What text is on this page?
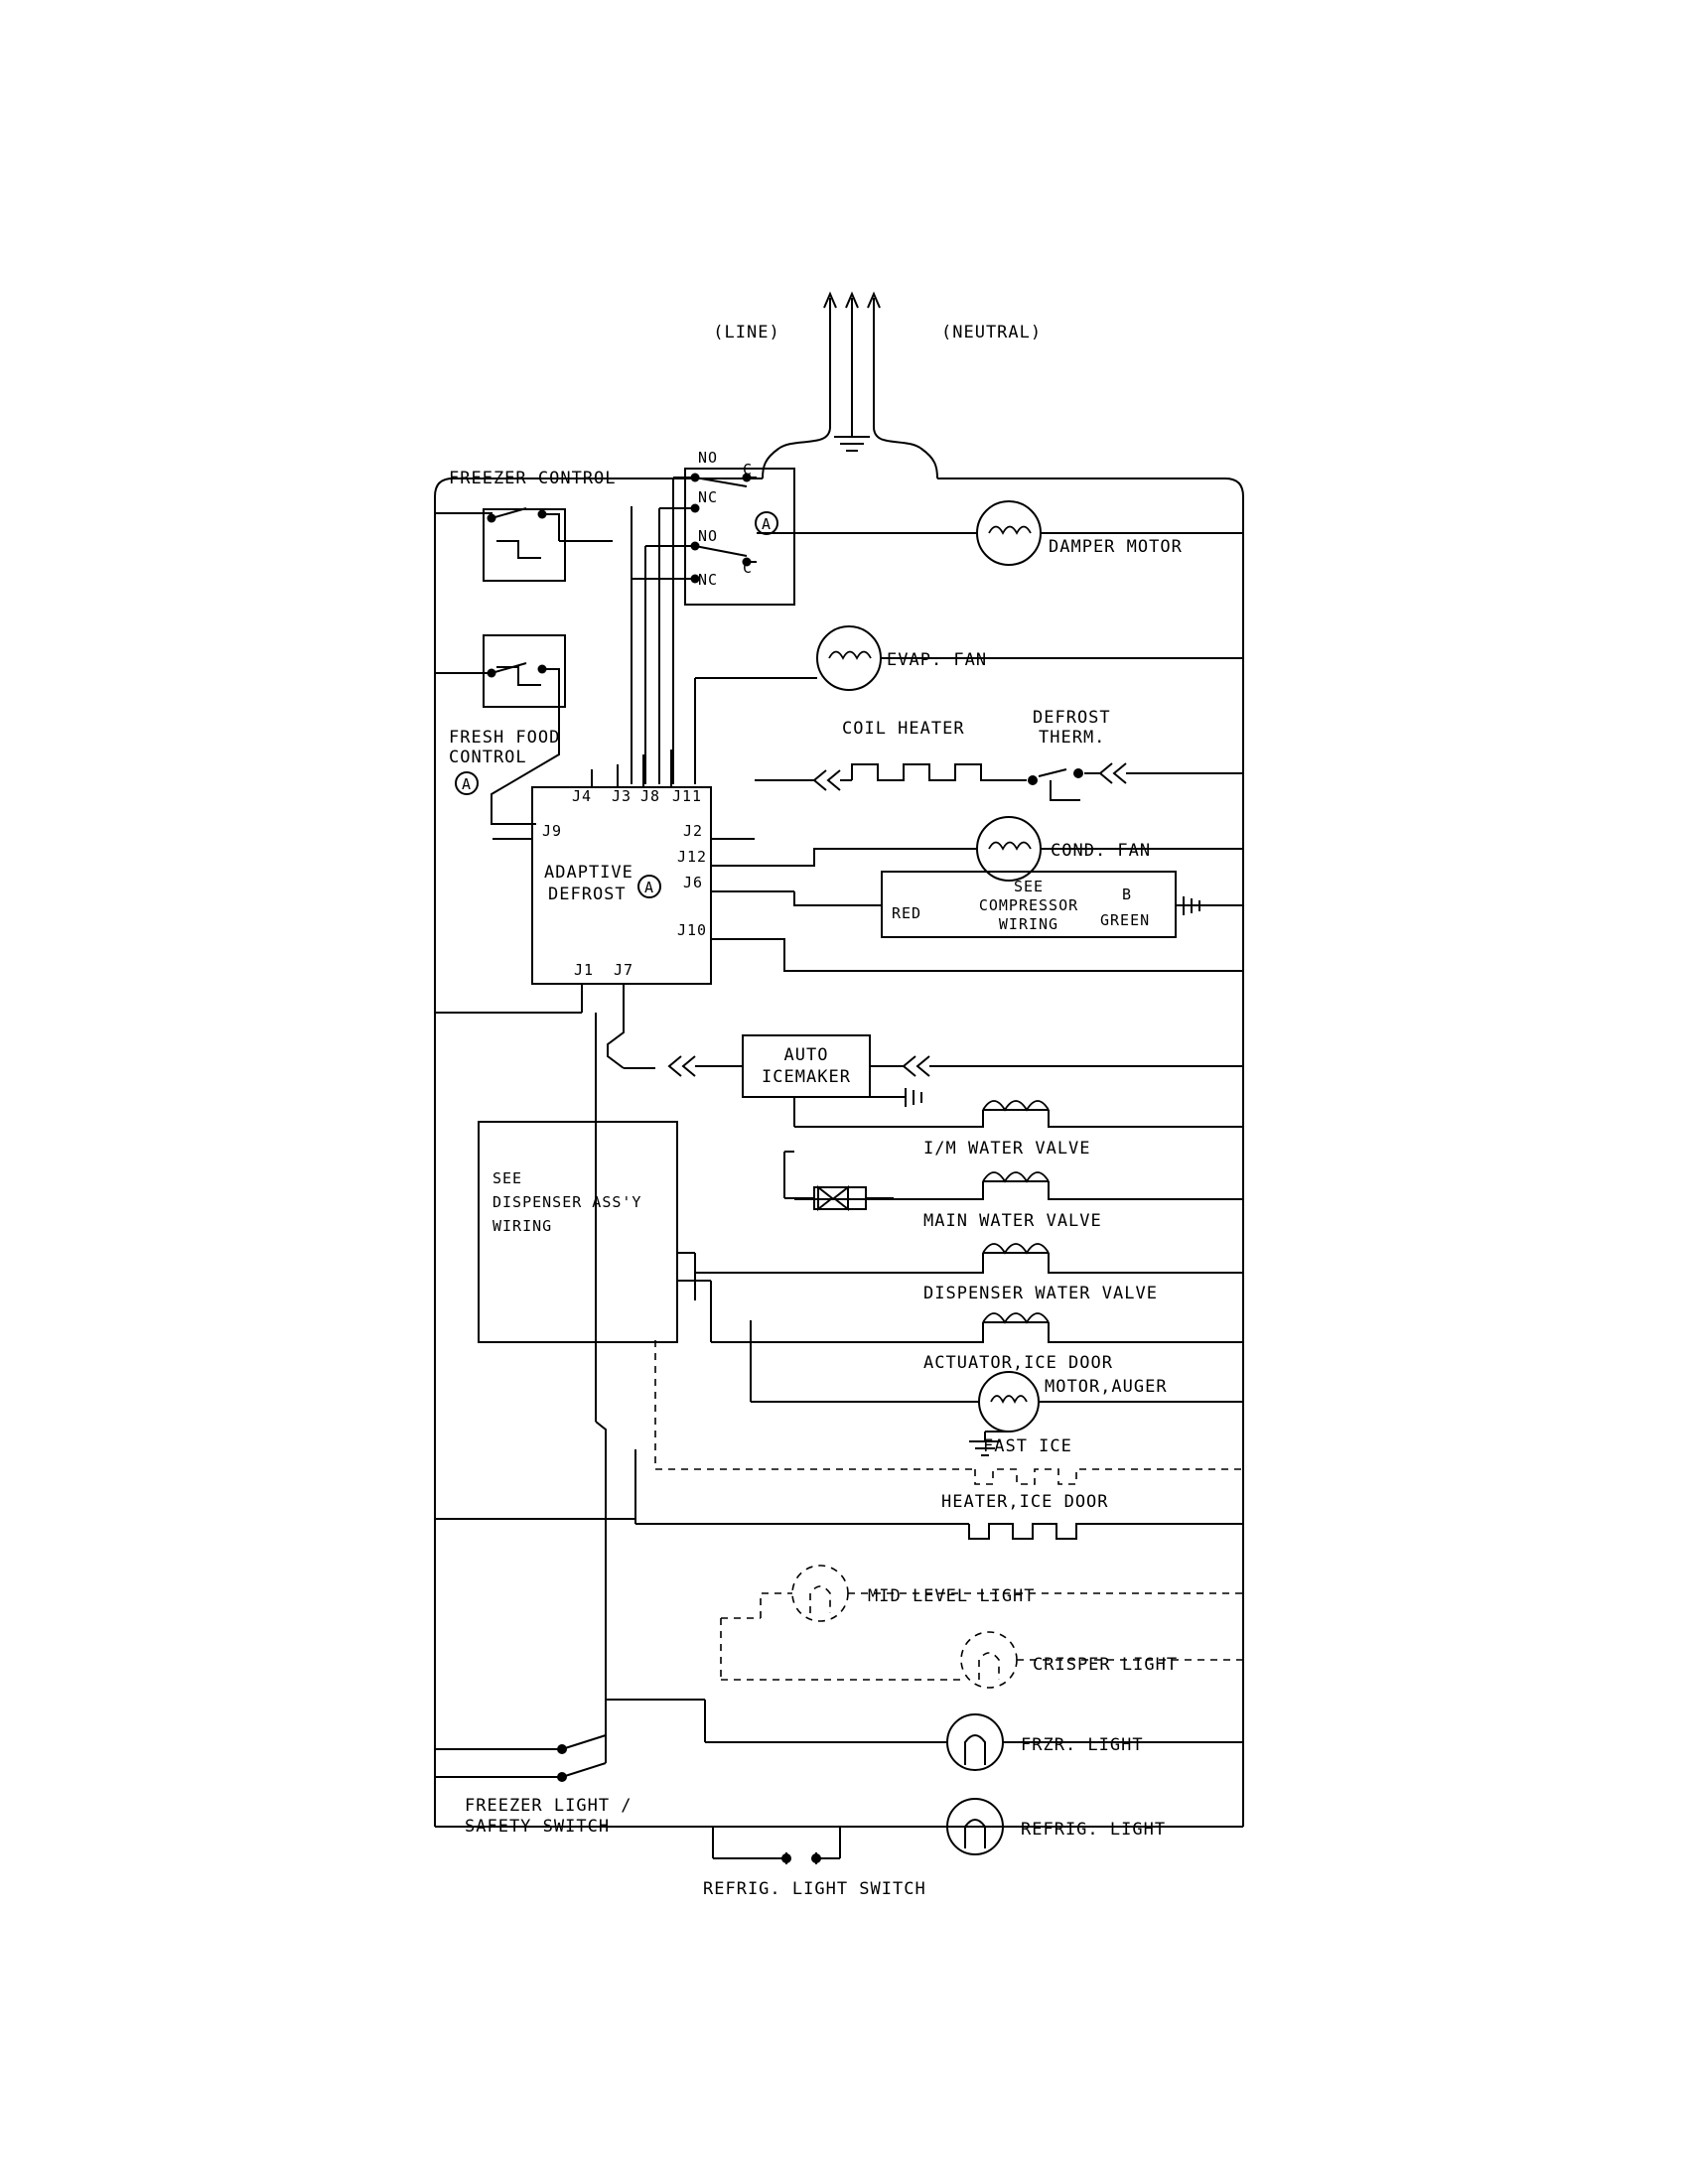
(LINE)	(NEUTRAL)
FREEZER CONTROL
FRESH FOOD
CONTROL
A
NO
C
NC
NO
C
NC
A
DAMPER MOTOR
EVAP. FAN
COIL HEATER
DEFROST
THERM.
J4 J3 J8 J11
J9	J2
J12
J6
J10
J1 J7
ADAPTIVE
DEFROST A
COND. FAN
SEE
COMPRESSOR
WIRING
RED
B
GREEN
AUTO
ICEMAKER
SEE
DISPENSER ASS'Y
WIRING
I/M WATER VALVE
MAIN WATER VALVE
DISPENSER WATER VALVE
ACTUATOR,ICE DOOR
MOTOR,AUGER
FAST ICE
HEATER,ICE DOOR
MID LEVEL LIGHT
CRISPER LIGHT
FRZR. LIGHT
REFRIG. LIGHT
FREEZER LIGHT /
SAFETY SWITCH
REFRIG. LIGHT SWITCH
